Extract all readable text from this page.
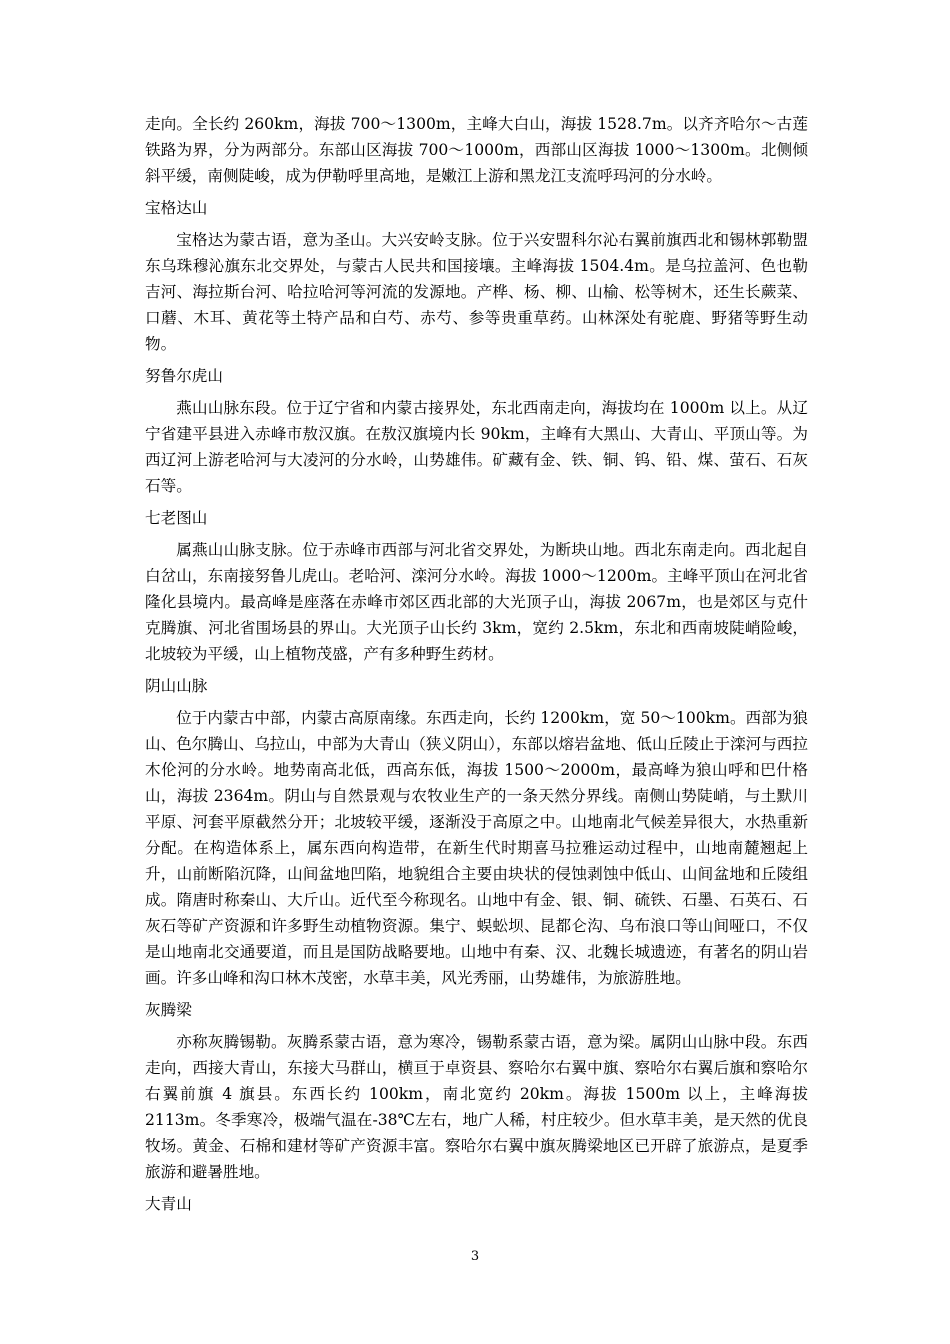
走向。全长约 260km，海拔 700～1300m，主峰大白山，海拔 1528.7m。以齐齐哈尔～古莲铁路为界，分为两部分。东部山区海拔 700～1000m，西部山区海拔 1000～1300m。北侧倾斜平缓，南侧陡峻，成为伊勒呼里高地，是嫩江上游和黑龙江支流呼玛河的分水岭。

宝格达山

宝格达为蒙古语，意为圣山。大兴安岭支脉。位于兴安盟科尔沁右翼前旗西北和锡林郭勒盟东乌珠穆沁旗东北交界处，与蒙古人民共和国接壤。主峰海拔 1504.4m。是乌拉盖河、色也勒吉河、海拉斯台河、哈拉哈河等河流的发源地。产桦、杨、柳、山榆、松等树木，还生长蕨菜、口蘑、木耳、黄花等土特产品和白芍、赤芍、参等贵重草药。山林深处有驼鹿、野猪等野生动物。

努鲁尔虎山

燕山山脉东段。位于辽宁省和内蒙古接界处，东北西南走向，海拔均在 1000m 以上。从辽宁省建平县进入赤峰市敖汉旗。在敖汉旗境内长 90km，主峰有大黑山、大青山、平顶山等。为西辽河上游老哈河与大凌河的分水岭，山势雄伟。矿藏有金、铁、铜、钨、铅、煤、萤石、石灰石等。

七老图山

属燕山山脉支脉。位于赤峰市西部与河北省交界处，为断块山地。西北东南走向。西北起自白岔山，东南接努鲁儿虎山。老哈河、滦河分水岭。海拔 1000～1200m。主峰平顶山在河北省隆化县境内。最高峰是座落在赤峰市郊区西北部的大光顶子山，海拔 2067m，也是郊区与克什克腾旗、河北省围场县的界山。大光顶子山长约 3km，宽约 2.5km，东北和西南坡陡峭险峻，北坡较为平缓，山上植物茂盛，产有多种野生药材。

阴山山脉

位于内蒙古中部，内蒙古高原南缘。东西走向，长约 1200km，宽 50～100km。西部为狼山、色尔腾山、乌拉山，中部为大青山（狭义阴山），东部以熔岩盆地、低山丘陵止于滦河与西拉木伦河的分水岭。地势南高北低，西高东低，海拔 1500～2000m，最高峰为狼山呼和巴什格山，海拔 2364m。阴山与自然景观与农牧业生产的一条天然分界线。南侧山势陡峭，与土默川平原、河套平原截然分开；北坡较平缓，逐渐没于高原之中。山地南北气候差异很大，水热重新分配。在构造体系上，属东西向构造带，在新生代时期喜马拉雅运动过程中，山地南麓翘起上升，山前断陷沉降，山间盆地凹陷，地貌组合主要由块状的侵蚀剥蚀中低山、山间盆地和丘陵组成。隋唐时称秦山、大斤山。近代至今称现名。山地中有金、银、铜、硫铁、石墨、石英石、石灰石等矿产资源和许多野生动植物资源。集宁、蜈蚣坝、昆都仑沟、乌布浪口等山间哑口，不仅是山地南北交通要道，而且是国防战略要地。山地中有秦、汉、北魏长城遗迹，有著名的阴山岩画。许多山峰和沟口林木茂密，水草丰美，风光秀丽，山势雄伟，为旅游胜地。

灰腾梁

亦称灰腾锡勒。灰腾系蒙古语，意为寒冷，锡勒系蒙古语，意为梁。属阴山山脉中段。东西走向，西接大青山，东接大马群山，横亘于卓资县、察哈尔右翼中旗、察哈尔右翼后旗和察哈尔右翼前旗 4 旗县。东西长约 100km，南北宽约 20km。海拔 1500m 以上，主峰海拔 2113m。冬季寒冷，极端气温在-38℃左右，地广人稀，村庄较少。但水草丰美，是天然的优良牧场。黄金、石棉和建材等矿产资源丰富。察哈尔右翼中旗灰腾梁地区已开辟了旅游点，是夏季旅游和避暑胜地。

大青山
3
